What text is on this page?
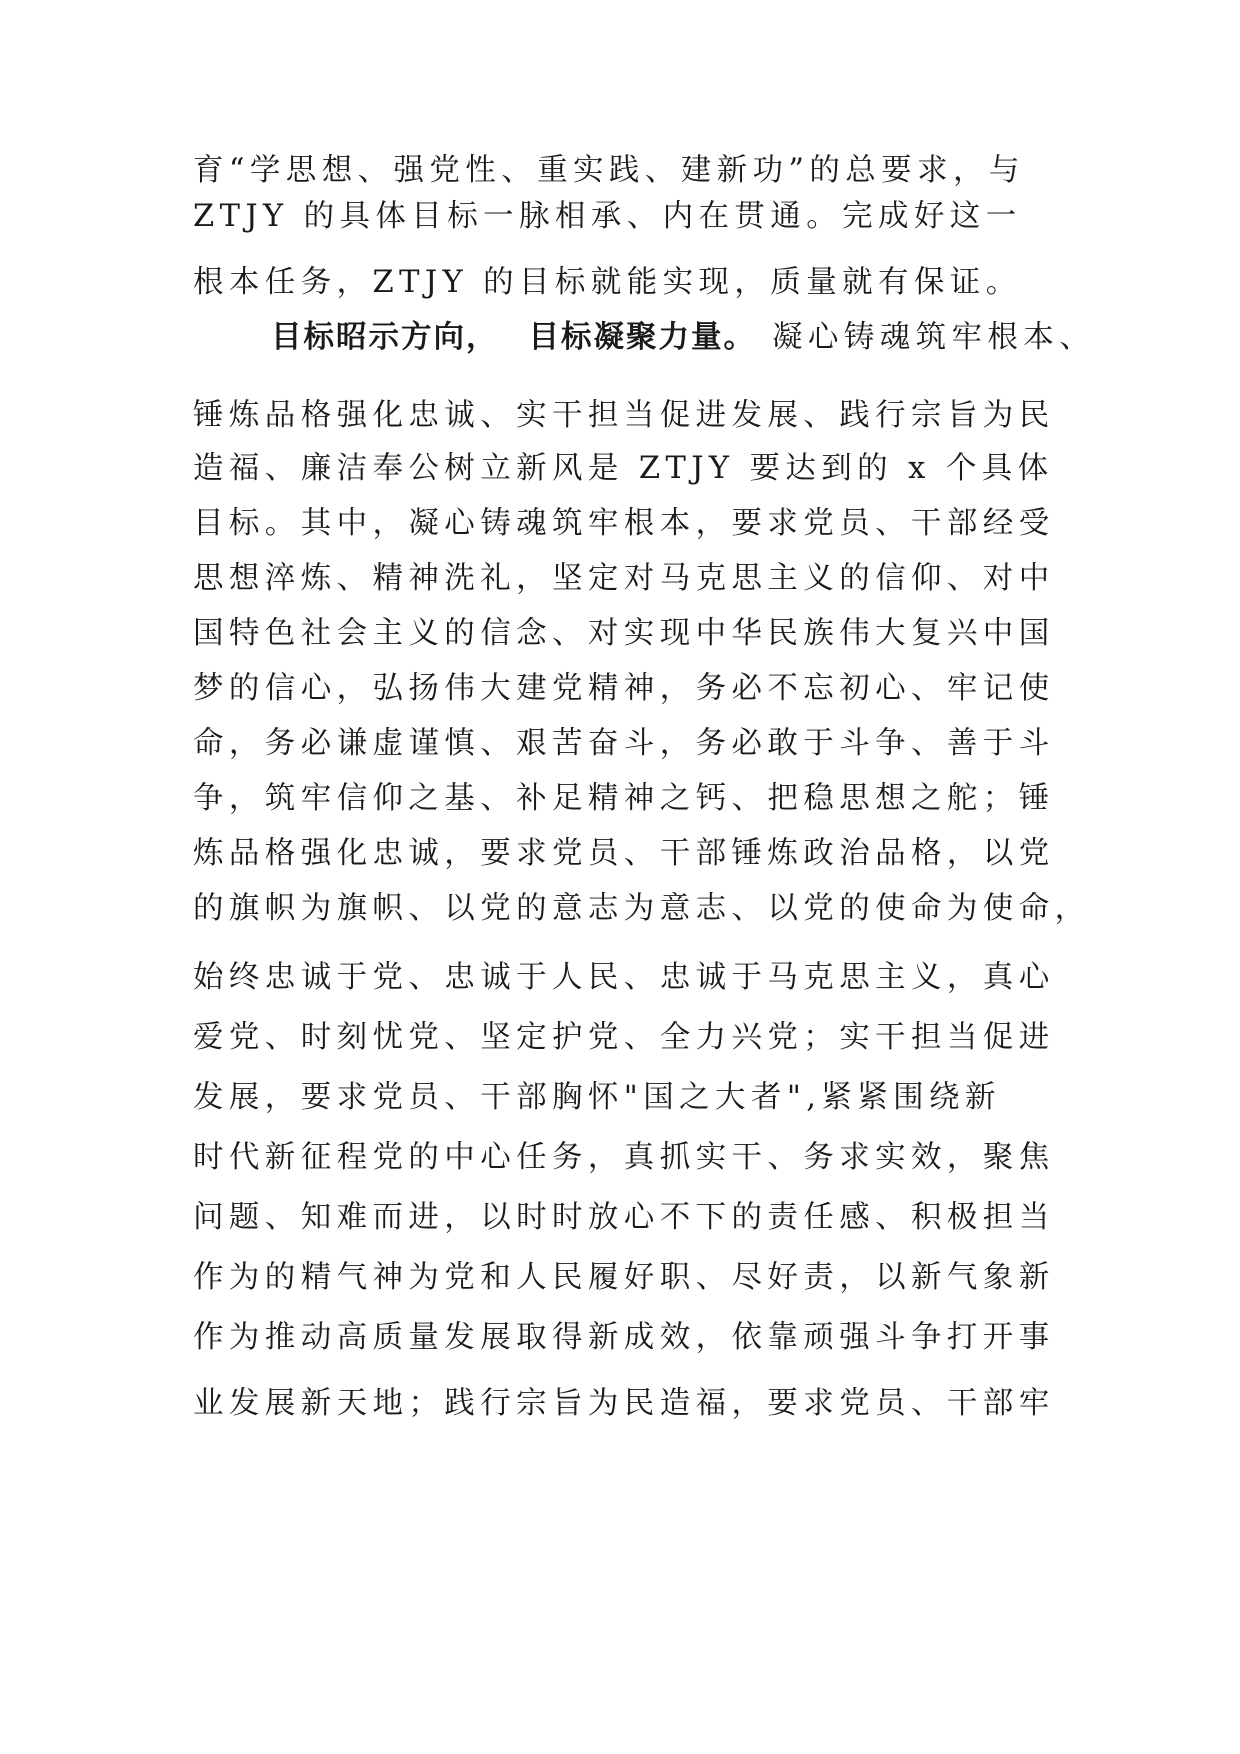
育“学思想、强党性、重实践、建新功”的总要求，与
ZTJY 的具体目标一脉相承、内在贯通。完成好这一
根本任务，ZTJY 的目标就能实现，质量就有保证。
目标昭示方向， 目标凝聚力量。 凝心铸魂筑牢根本、
锤炼品格强化忠诚、实干担当促进发展、践行宗旨为民
造福、廉洁奉公树立新风是 ZTJY 要达到的 x 个具体
目标。其中，凝心铸魂筑牢根本，要求党员、干部经受
思想淬炼、精神洗礼，坚定对马克思主义的信仰、对中
国特色社会主义的信念、对实现中华民族伟大复兴中国
梦的信心，弘扬伟大建党精神，务必不忘初心、牢记使
命，务必谦虚谨慎、艰苦奋斗，务必敢于斗争、善于斗
争，筑牢信仰之基、补足精神之钙、把稳思想之舵；锤
炼品格强化忠诚，要求党员、干部锤炼政治品格，以党
的旗帜为旗帜、以党的意志为意志、以党的使命为使命，
始终忠诚于党、忠诚于人民、忠诚于马克思主义，真心
爱党、时刻忧党、坚定护党、全力兴党；实干担当促进
发展，要求党员、干部胸怀"国之大者",紧紧围绕新
时代新征程党的中心任务，真抓实干、务求实效，聚焦
问题、知难而进，以时时放心不下的责任感、积极担当
作为的精气神为党和人民履好职、尽好责，以新气象新
作为推动高质量发展取得新成效，依靠顽强斗争打开事
业发展新天地；践行宗旨为民造福，要求党员、干部牢
